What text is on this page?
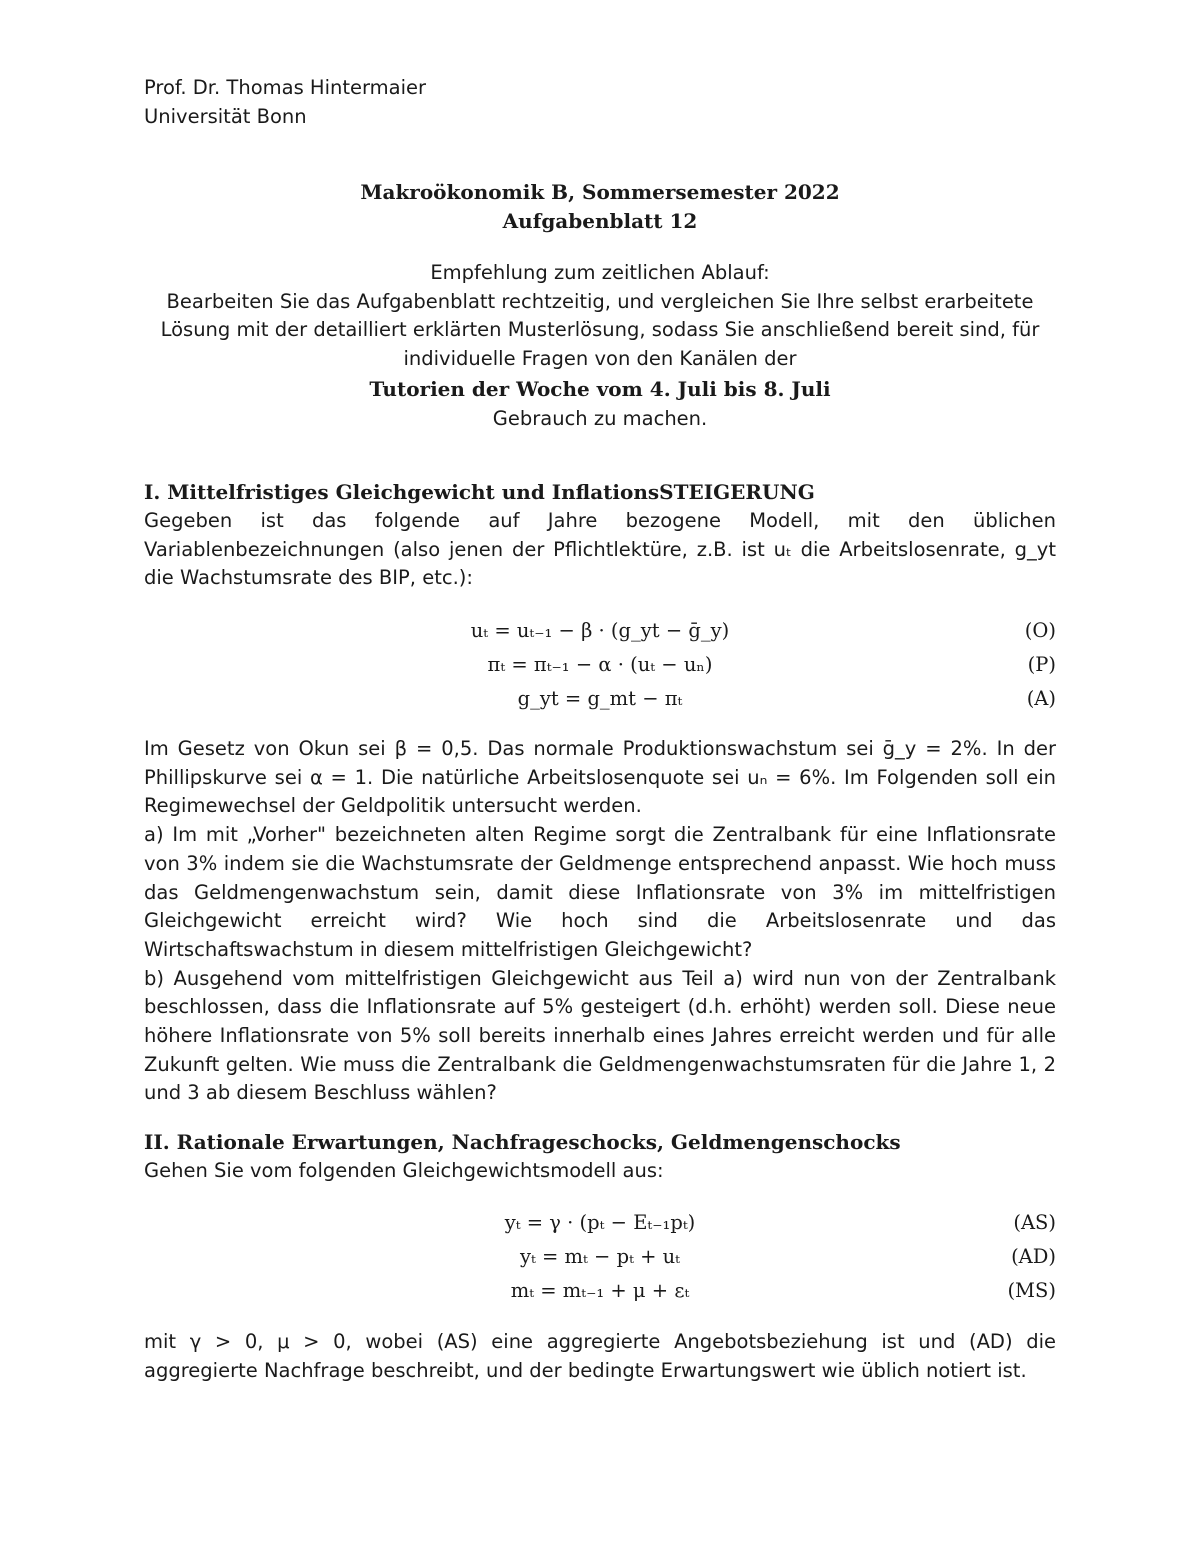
Prof. Dr. Thomas Hintermaier
Universität Bonn
Makroökonomik B, Sommersemester 2022
Aufgabenblatt 12
Empfehlung zum zeitlichen Ablauf:
Bearbeiten Sie das Aufgabenblatt rechtzeitig, und vergleichen Sie Ihre selbst erarbeitete
Lösung mit der detailliert erklärten Musterlösung, sodass Sie anschließend bereit sind, für
individuelle Fragen von den Kanälen der
Tutorien der Woche vom 4. Juli bis 8. Juli
Gebrauch zu machen.
I. Mittelfristiges Gleichgewicht und InflationsSTEIGERUNG
Gegeben ist das folgende auf Jahre bezogene Modell, mit den üblichen Variablenbezeichnungen (also jenen der Pflichtlektüre, z.B. ist uₜ die Arbeitslosenrate, g_yt die Wachstumsrate des BIP, etc.):
uₜ = uₜ₋₁ − β · (g_yt − ḡ_y)	(O)
πₜ = πₜ₋₁ − α · (uₜ − uₙ)	(P)
g_yt = g_mt − πₜ	(A)
Im Gesetz von Okun sei β = 0,5. Das normale Produktionswachstum sei ḡ_y = 2%. In der Phillipskurve sei α = 1. Die natürliche Arbeitslosenquote sei uₙ = 6%. Im Folgenden soll ein Regimewechsel der Geldpolitik untersucht werden.
a) Im mit „Vorher" bezeichneten alten Regime sorgt die Zentralbank für eine Inflationsrate von 3% indem sie die Wachstumsrate der Geldmenge entsprechend anpasst. Wie hoch muss das Geldmengenwachstum sein, damit diese Inflationsrate von 3% im mittelfristigen Gleichgewicht erreicht wird? Wie hoch sind die Arbeitslosenrate und das Wirtschaftswachstum in diesem mittelfristigen Gleichgewicht?
b) Ausgehend vom mittelfristigen Gleichgewicht aus Teil a) wird nun von der Zentralbank beschlossen, dass die Inflationsrate auf 5% gesteigert (d.h. erhöht) werden soll. Diese neue höhere Inflationsrate von 5% soll bereits innerhalb eines Jahres erreicht werden und für alle Zukunft gelten. Wie muss die Zentralbank die Geldmengenwachstumsraten für die Jahre 1, 2 und 3 ab diesem Beschluss wählen?
II. Rationale Erwartungen, Nachfrageschocks, Geldmengenschocks
Gehen Sie vom folgenden Gleichgewichtsmodell aus:
yₜ = γ · (pₜ − Eₜ₋₁pₜ)	(AS)
yₜ = mₜ − pₜ + uₜ	(AD)
mₜ = mₜ₋₁ + μ + εₜ	(MS)
mit γ > 0, μ > 0, wobei (AS) eine aggregierte Angebotsbeziehung ist und (AD) die aggregierte Nachfrage beschreibt, und der bedingte Erwartungswert wie üblich notiert ist.
